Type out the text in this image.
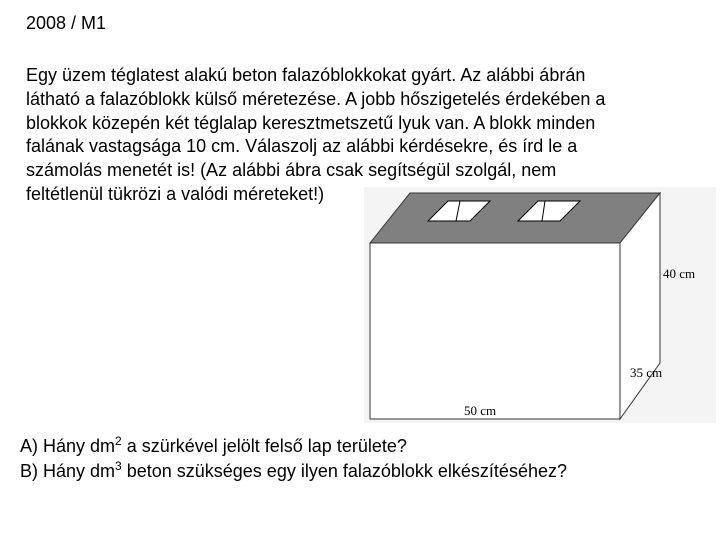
2008 / M1

Egy üzem téglatest alakú beton falazóblokkokat gyárt. Az alábbi ábrán
látható a falazóblokk külső méretezése. A jobb hőszigetelés érdekében a
blokkok közepén két téglalap keresztmetszetű lyuk van. A blokk minden
falának vastagsága 10 cm. Válaszolj az alábbi kérdésekre, és írd le a
számolás menetét is! (Az alábbi ábra csak segítségül szolgál, nem
feltétlenül tükrözi a valódi méreteket!)

40 cm
35 cm
50 cm
A) Hány $dm^2$ a szürkével jelölt felső lap területe?
B) Hány $dm^3$ beton szükséges egy ilyen falazóblokk elkészítéséhez?
